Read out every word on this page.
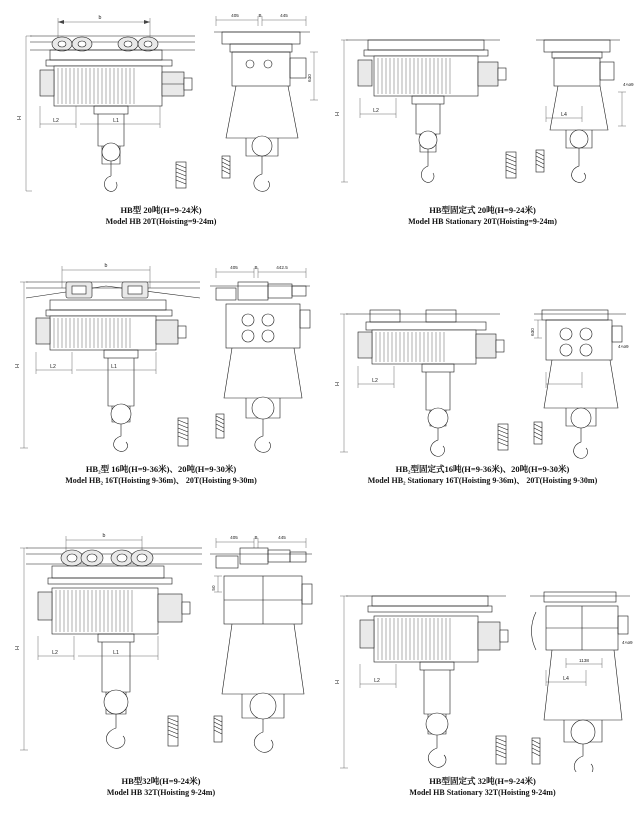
b
H	L2	L1
405	B	445
630
HB型 20吨(H=9-24米)
Model HB 20T(Hoisting=9-24m)
H	L2
4×ø9
L4
HB型固定式 20吨(H=9-24米)
Model HB Stationary 20T(Hoisting=9-24m)
b
H	L2	L1
405	B	442.5
HB₂型 16吨(H=9-36米)、20吨(H=9-30米)
Model HB₂ 16T(Hoisting 9-36m)、 20T(Hoisting 9-30m)
H	L2
630
4×ø9
HB₂型固定式16吨(H=9-36米)、20吨(H=9-30米)
Model HB₂ Stationary 16T(Hoisting 9-36m)、 20T(Hoisting 9-30m)
b
H
L2	L1
405	B	445
50
HB型32吨(H=9-24米)
Model HB 32T(Hoisting 9-24m)
H	L2
4×ø9
L4
1138
HB型固定式 32吨(H=9-24米)
Model HB Stationary 32T(Hoisting 9-24m)
